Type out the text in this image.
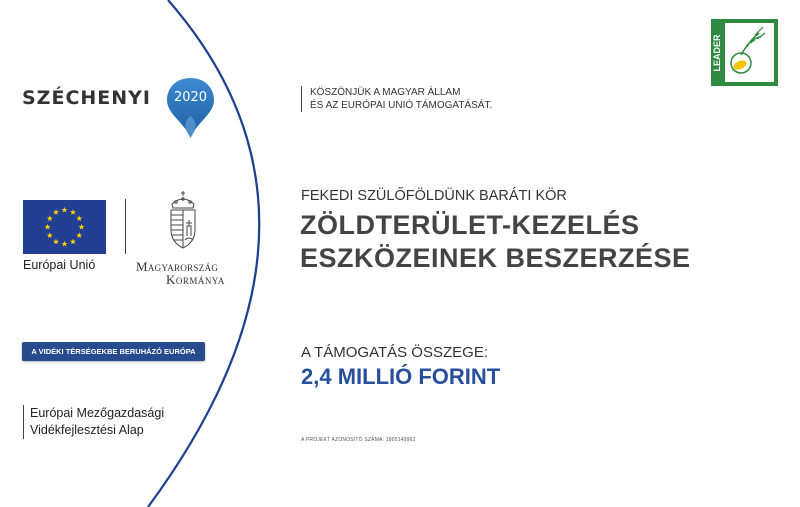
SZÉCHENYI	2020	KÖSZÖNJÜK A MAGYAR ÁLLAM
ÉS AZ EURÓPAI UNIÓ TÁMOGATÁSÁT.
Európai Unió	Magyarország
Kormánya
A VIDÉKI TÉRSÉGEKBE BERUHÁZÓ EURÓPA
Európai Mezőgazdasági
Vidékfejlesztési Alap
FEKEDI SZÜLŐFÖLDÜNK BARÁTI KÖR
ZÖLDTERÜLET-KEZELÉS
ESZKÖZEINEK BESZERZÉSE
A TÁMOGATÁS ÖSSZEGE:
2,4 MILLIÓ FORINT
A PROJEKT AZONOSÍTÓ SZÁMA: 1905149962
LEADER
